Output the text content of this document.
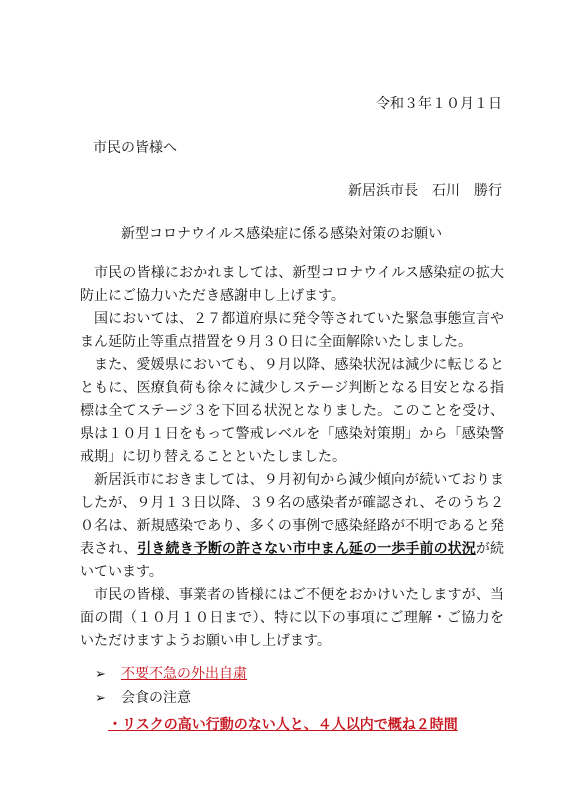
令和３年１０月１日
市民の皆様へ
新居浜市長　石川　勝行
新型コロナウイルス感染症に係る感染対策のお願い

市民の皆様におかれましては、新型コロナウイルス感染症の拡大防止にご協力いただき感謝申し上げます。

国においては、２７都道府県に発令等されていた緊急事態宣言やまん延防止等重点措置を９月３０日に全面解除いたしました。

また、愛媛県においても、９月以降、感染状況は減少に転じるとともに、医療負荷も徐々に減少しステージ判断となる目安となる指標は全てステージ３を下回る状況となりました。このことを受け、県は１０月１日をもって警戒レベルを「感染対策期」から「感染警戒期」に切り替えることといたしました。

新居浜市におきましては、９月初旬から減少傾向が続いておりましたが、９月１３日以降、３９名の感染者が確認され、そのうち２０名は、新規感染であり、多くの事例で感染経路が不明であると発表され、引き続き予断の許さない市中まん延の一歩手前の状況が続いています。

市民の皆様、事業者の皆様にはご不便をおかけいたしますが、当面の間（１０月１０日まで）、特に以下の事項にご理解・ご協力をいただけますようお願い申し上げます。

➢ 不要不急の外出自粛
➢ 会食の注意
・リスクの高い行動のない人と、４人以内で概ね２時間
